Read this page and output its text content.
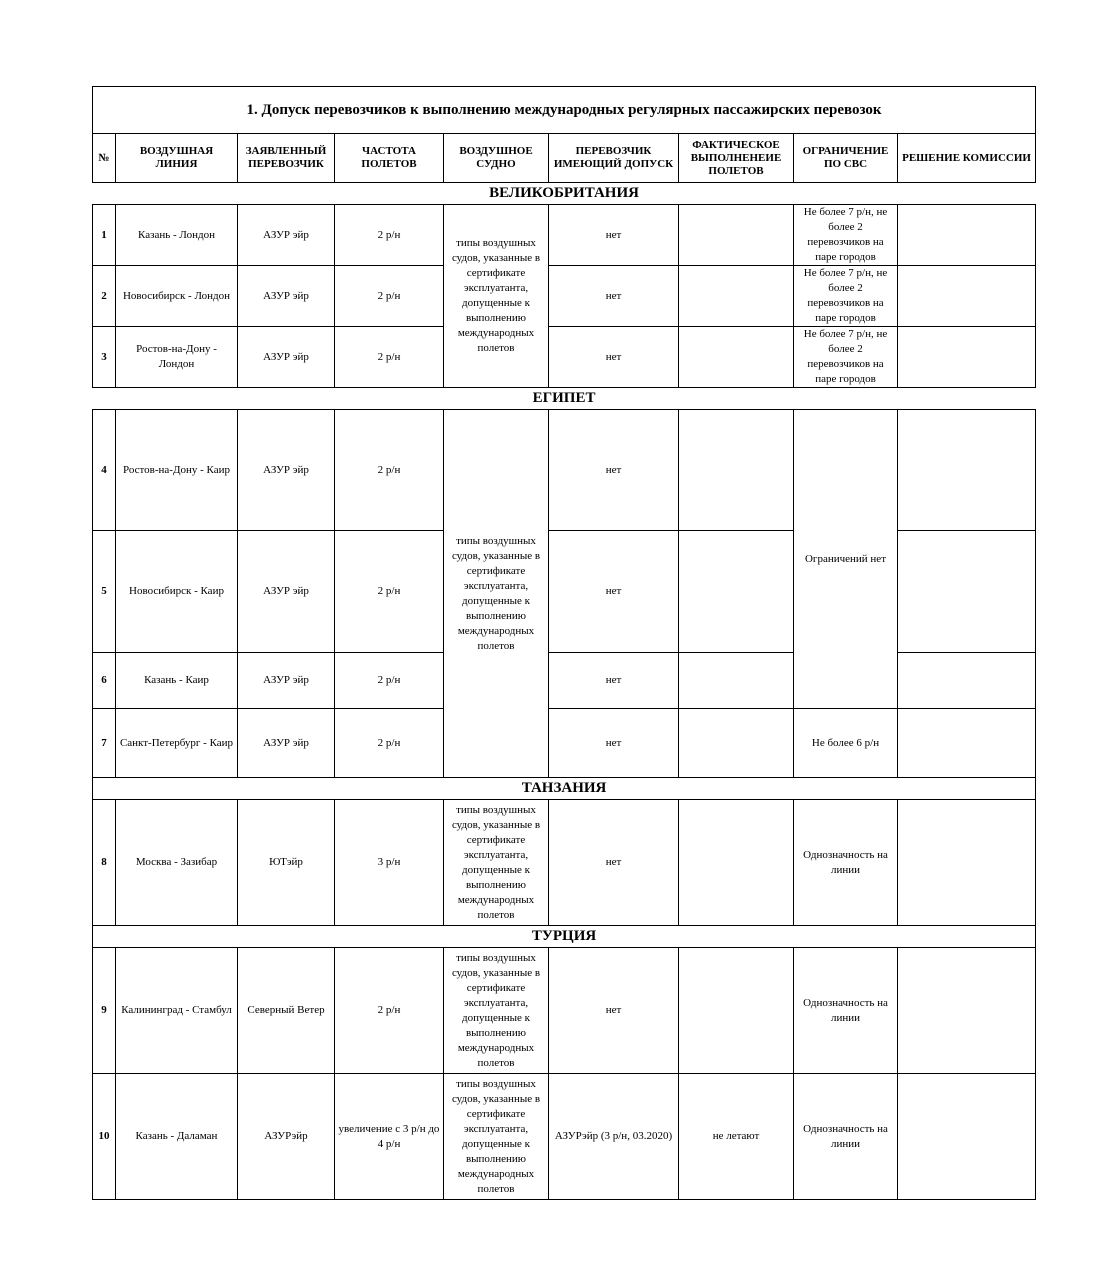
1. Допуск перевозчиков к выполнению международных регулярных пассажирских перевозок								
№	ВОЗДУШНАЯ ЛИНИЯ	ЗАЯВЛЕННЫЙ ПЕРЕВОЗЧИК	ЧАСТОТА ПОЛЕТОВ	ВОЗДУШНОЕ СУДНО	ПЕРЕВОЗЧИК ИМЕЮЩИЙ ДОПУСК	ФАКТИЧЕСКОЕ ВЫПОЛНЕНЕИЕ ПОЛЕТОВ	ОГРАНИЧЕНИЕ ПО СВС	РЕШЕНИЕ КОМИССИИ
ВЕЛИКОБРИТАНИЯ								
1	Казань - Лондон	АЗУР эйр	2 р/н	типы воздушных судов, указанные в сертификате эксплуатанта, допущенные к выполнению международных полетов	нет		Не более 7 р/н, не более 2 перевозчиков на паре городов	
2	Новосибирск - Лондон	АЗУР эйр	2 р/н		нет		Не более 7 р/н, не более 2 перевозчиков на паре городов	
3	Ростов-на-Дону - Лондон	АЗУР эйр	2 р/н		нет		Не более 7 р/н, не более 2 перевозчиков на паре городов	
ЕГИПЕТ								
4	Ростов-на-Дону - Каир	АЗУР эйр	2 р/н	типы воздушных судов, указанные в сертификате эксплуатанта, допущенные к выполнению международных полетов	нет		Ограничений нет	
5	Новосибирск - Каир	АЗУР эйр	2 р/н		нет			
6	Казань - Каир	АЗУР эйр	2 р/н		нет			
7	Санкт-Петербург - Каир	АЗУР эйр	2 р/н		нет		Не более 6 р/н	
ТАНЗАНИЯ								
8	Москва - Зазибар	ЮТэйр	3 р/н	типы воздушных судов, указанные в сертификате эксплуатанта, допущенные к выполнению международных полетов	нет		Однозначность на линии	
ТУРЦИЯ								
9	Калининград - Стамбул	Северный Ветер	2 р/н	типы воздушных судов, указанные в сертификате эксплуатанта, допущенные к выполнению международных полетов	нет		Однозначность на линии	
10	Казань - Даламан	АЗУРэйр	увеличение с 3 р/н до 4 р/н	типы воздушных судов, указанные в сертификате эксплуатанта, допущенные к выполнению международных полетов	АЗУРэйр (3 р/н, 03.2020)	не летают	Однозначность на линии	
